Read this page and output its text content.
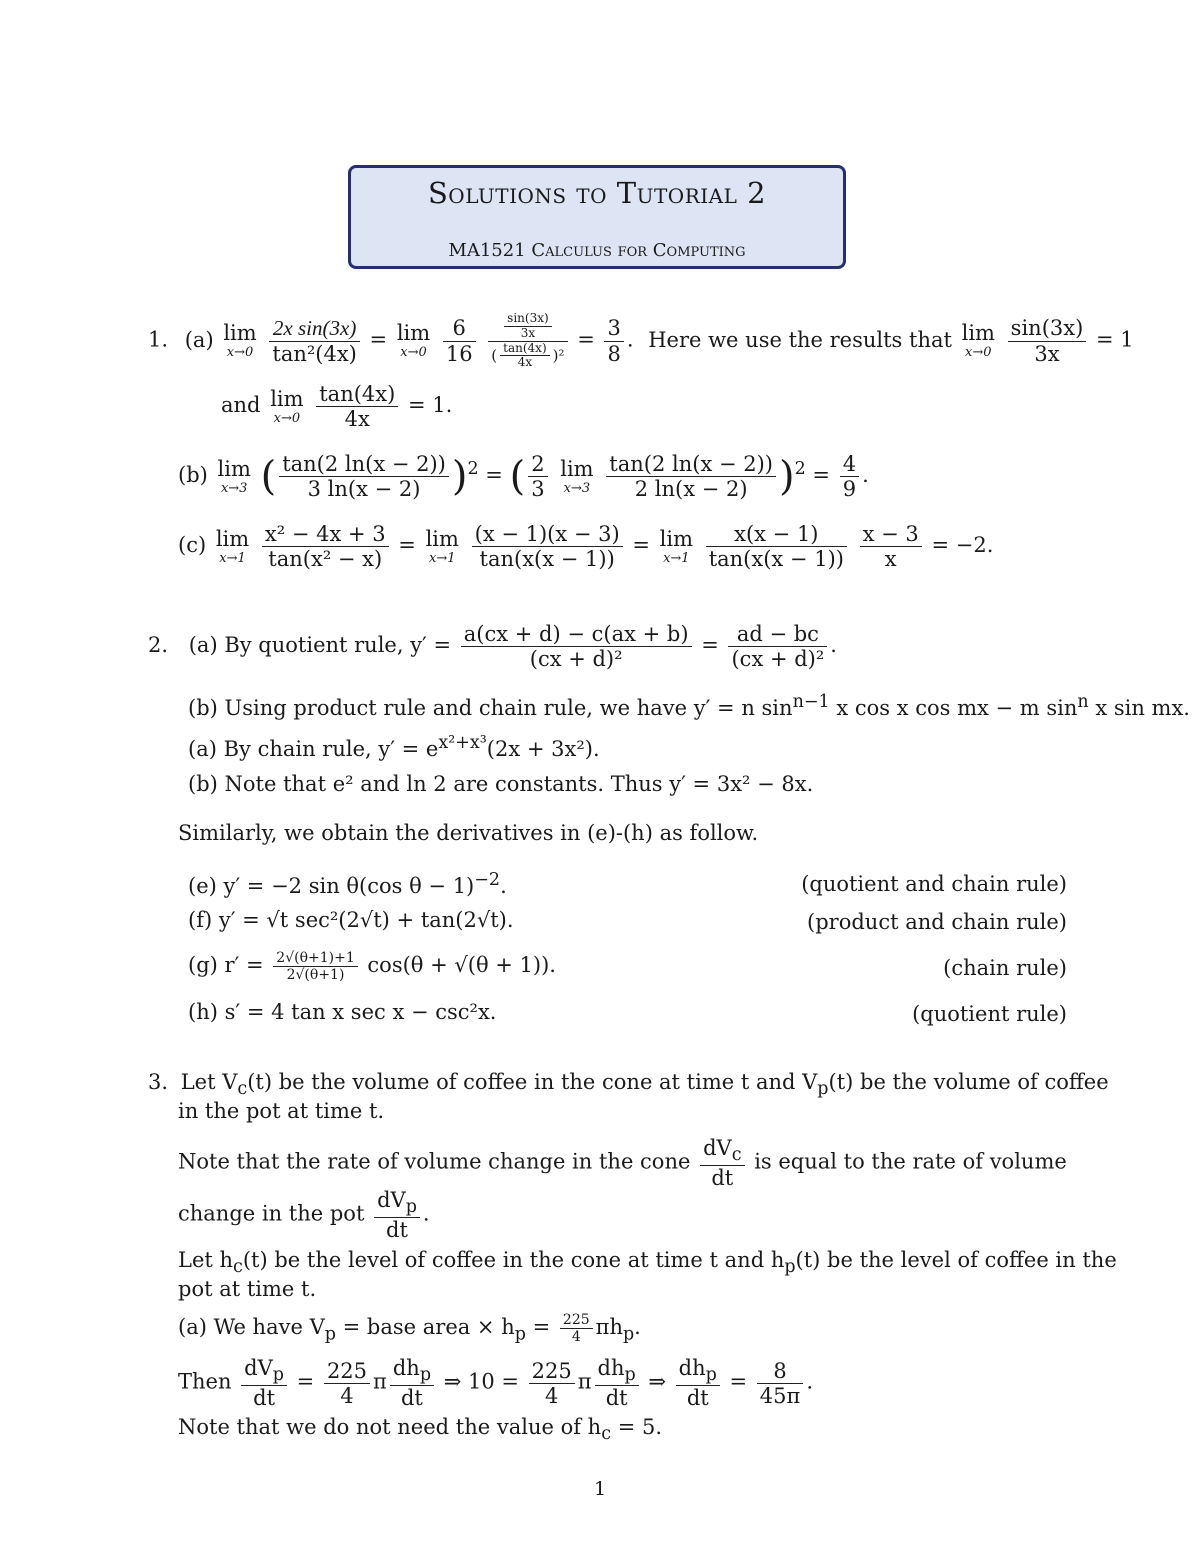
Solutions to Tutorial 2
MA1521 Calculus for Computing
1. (a) lim
x→0
$\frac{\text{2x sin(3x)}}{\text{tan²(4x)}} = \lim$
x→0
$\frac{6}{16}$
$\frac{\frac{\sin(3x)}{3x}}{( \frac{\tan(4x)}{4x} )^2} = \frac{3}{8}$ . Here we use the results that lim
x→0
$\frac{\sin(3x)}{3x} = 1$
and lim
x→0
$\frac{\tan(4x)}{4x} = 1$.
(b) lim
x→3 ( $\frac{\tan(2 \ln(x - 2))}{3 \ln(x - 2)} )^2$ = ( $\frac{2}{3}$ lim
x→3
$\frac{\tan(2 \ln(x - 2))}{2 \ln(x - 2)} )^2 = \frac{4}{9}$ .
(c) lim
x→1
$\frac{\text{x² − 4x + 3}}{\text{tan(x² − x)}} = \lim$
x→1
$\frac{(x - 1)(x - 3)}{\tan(x(x - 1))} = \lim$
x→1
$\frac{x(x - 1)}{\tan(x(x - 1))}$
$\frac{x - 3}{x} = -2$.
2. (a) By quotient rule, $y' = \frac{a(cx + d) - c(ax + b)}{\text{(cx + d)²}} = \frac{ad - bc}{\text{(cx + d)²}}$ .
(b) Using product rule and chain rule, we have y′ = n $\sin^{n-1} x$ cos x cos mx − m $\sin^n x$ sin mx.
(a) By chain rule, $y' = e^{x^2+x^3}(2x + 3x^2)$.
(b) Note that e² and ln 2 are constants. Thus y′ = 3x² − 8x.
Similarly, we obtain the derivatives in (e)-(h) as follow.
(e) y′ = −2 sin θ(cos θ − 1)$^{-2}$.	(quotient and chain rule)
(f) y′ = √t sec²(2√t) + tan(2√t).	(product and chain rule)
(g) $r' = \frac{2√(\theta+1)+1}{2√(\theta+1)} \cos(\theta + √(\theta + 1))$.	(chain rule)
(h) s′ = 4 tan x sec x − csc²x.	(quotient rule)
3. Let $V_c(t)$ be the volume of coffee in the cone at time t and $V_p(t)$ be the volume of coffee
in the pot at time t.
Note that the rate of volume change in the cone $\frac{dV_c}{dt}$ is equal to the rate of volume
change in the pot $\frac{dV_p}{dt}$ .
Let $h_c(t)$ be the level of coffee in the cone at time t and $h_p(t)$ be the level of coffee in the
pot at time t.
(a) We have $V_p$ = base area × $h_p = \frac{225}{4} \pi h_p$.
Then $\frac{dV_p}{dt} = \frac{225}{4}$ π $\frac{dh_p}{dt}$ ⇒ $10 = \frac{225}{4}$ π $\frac{dh_p}{dt}$ ⇒ $\frac{dh_p}{dt} = \frac{8}{45\pi}$ .
Note that we do not need the value of $h_c = 5$.
1
